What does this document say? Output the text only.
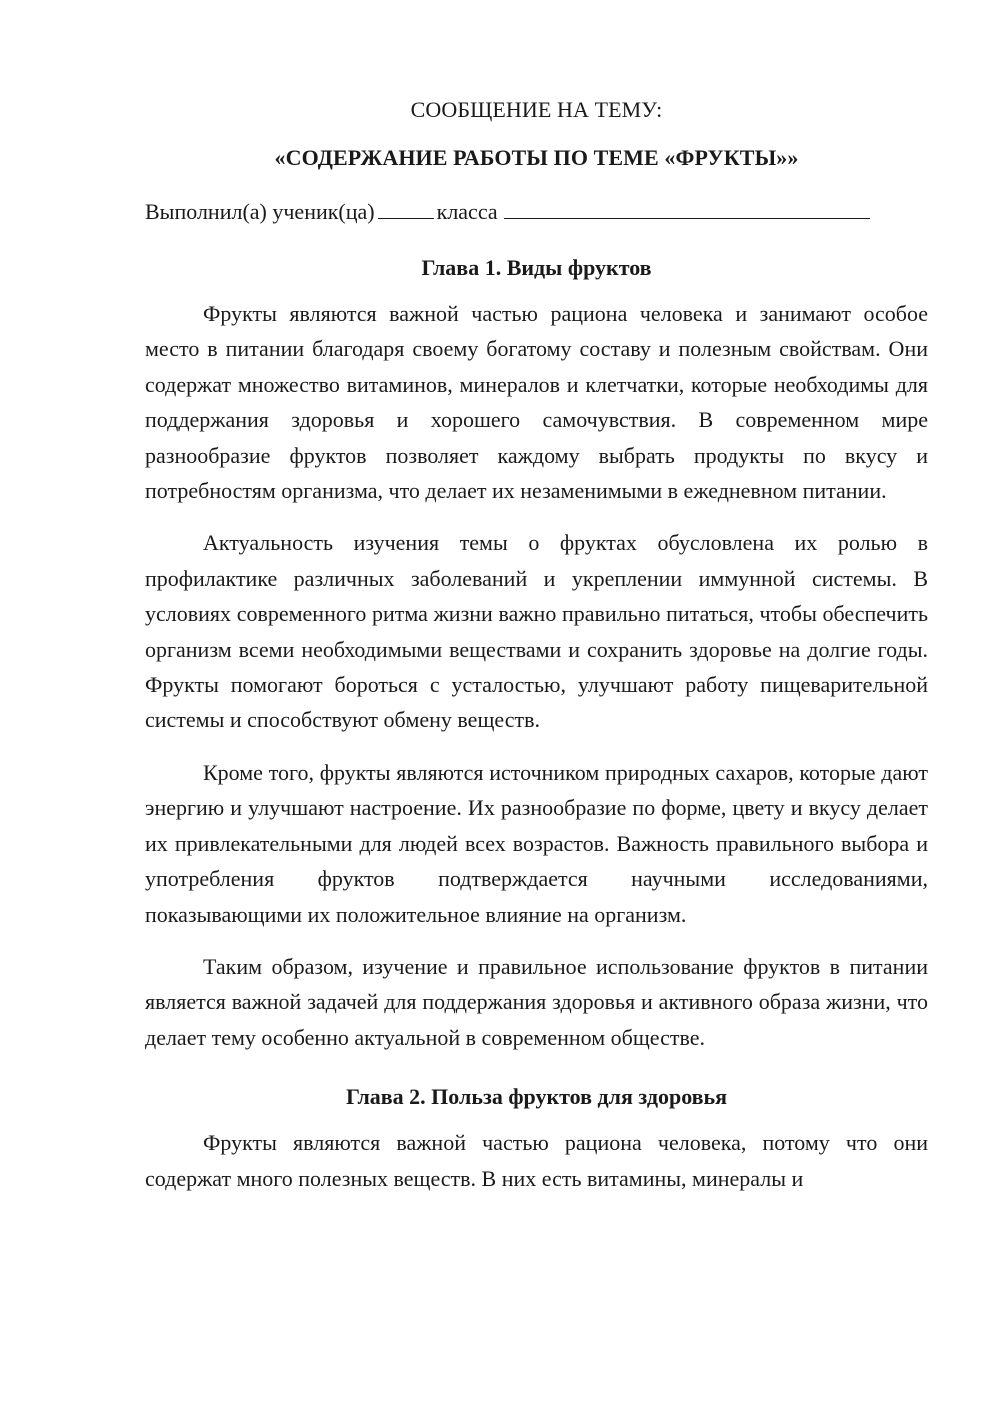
СООБЩЕНИЕ НА ТЕМУ:

«СОДЕРЖАНИЕ РАБОТЫ ПО ТЕМЕ «ФРУКТЫ»»

Выполнил(а) ученик(ца)	класса

Глава 1. Виды фруктов

Фрукты являются важной частью рациона человека и занимают особое место в питании благодаря своему богатому составу и полезным свойствам. Они содержат множество витаминов, минералов и клетчатки, которые необходимы для поддержания здоровья и хорошего самочувствия. В современном мире разнообразие фруктов позволяет каждому выбрать продукты по вкусу и потребностям организма, что делает их незаменимыми в ежедневном питании.

Актуальность изучения темы о фруктах обусловлена их ролью в профилактике различных заболеваний и укреплении иммунной системы. В условиях современного ритма жизни важно правильно питаться, чтобы обеспечить организм всеми необходимыми веществами и сохранить здоровье на долгие годы. Фрукты помогают бороться с усталостью, улучшают работу пищеварительной системы и способствуют обмену веществ.

Кроме того, фрукты являются источником природных сахаров, которые дают энергию и улучшают настроение. Их разнообразие по форме, цвету и вкусу делает их привлекательными для людей всех возрастов. Важность правильного выбора и употребления фруктов подтверждается научными исследованиями, показывающими их положительное влияние на организм.

Таким образом, изучение и правильное использование фруктов в питании является важной задачей для поддержания здоровья и активного образа жизни, что делает тему особенно актуальной в современном обществе.

Глава 2. Польза фруктов для здоровья

Фрукты являются важной частью рациона человека, потому что они содержат много полезных веществ. В них есть витамины, минералы и
